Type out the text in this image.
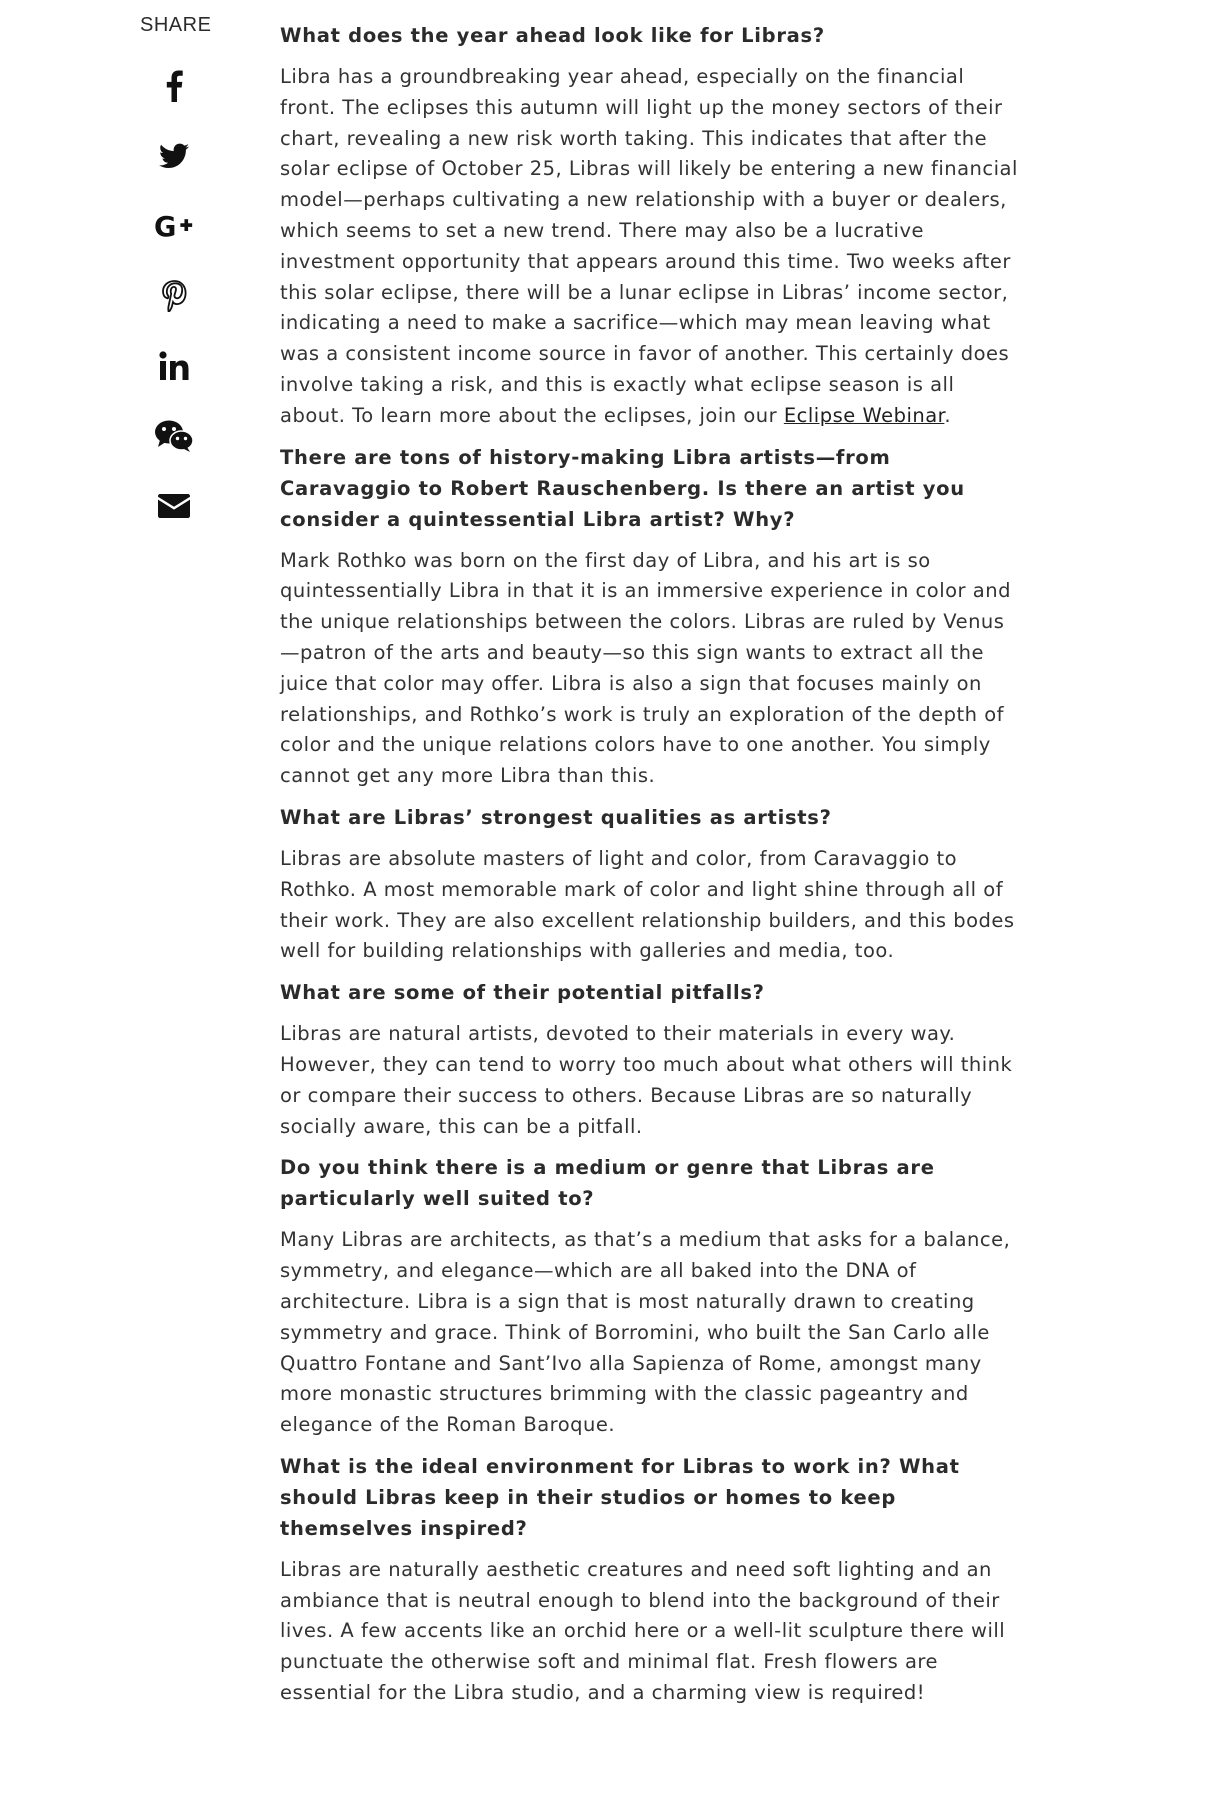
SHARE
G

What does the year ahead look like for Libras?

Libra has a groundbreaking year ahead, especially on the financial front. The eclipses this autumn will light up the money sectors of their chart, revealing a new risk worth taking. This indicates that after the solar eclipse of October 25, Libras will likely be entering a new financial model—perhaps cultivating a new relationship with a buyer or dealers, which seems to set a new trend. There may also be a lucrative investment opportunity that appears around this time. Two weeks after this solar eclipse, there will be a lunar eclipse in Libras’ income sector, indicating a need to make a sacrifice—which may mean leaving what was a consistent income source in favor of another. This certainly does involve taking a risk, and this is exactly what eclipse season is all about. To learn more about the eclipses, join our Eclipse Webinar.

There are tons of history-making Libra artists—from Caravaggio to Robert Rauschenberg. Is there an artist you consider a quintessential Libra artist? Why?

Mark Rothko was born on the first day of Libra, and his art is so quintessentially Libra in that it is an immersive experience in color and the unique relationships between the colors. Libras are ruled by Venus—patron of the arts and beauty—so this sign wants to extract all the juice that color may offer. Libra is also a sign that focuses mainly on relationships, and Rothko’s work is truly an exploration of the depth of color and the unique relations colors have to one another. You simply cannot get any more Libra than this.

What are Libras’ strongest qualities as artists?

Libras are absolute masters of light and color, from Caravaggio to Rothko. A most memorable mark of color and light shine through all of their work. They are also excellent relationship builders, and this bodes well for building relationships with galleries and media, too.

What are some of their potential pitfalls?

Libras are natural artists, devoted to their materials in every way. However, they can tend to worry too much about what others will think or compare their success to others. Because Libras are so naturally socially aware, this can be a pitfall.

Do you think there is a medium or genre that Libras are particularly well suited to?

Many Libras are architects, as that’s a medium that asks for a balance, symmetry, and elegance—which are all baked into the DNA of architecture. Libra is a sign that is most naturally drawn to creating symmetry and grace. Think of Borromini, who built the San Carlo alle Quattro Fontane and Sant’Ivo alla Sapienza of Rome, amongst many more monastic structures brimming with the classic pageantry and elegance of the Roman Baroque.

What is the ideal environment for Libras to work in? What should Libras keep in their studios or homes to keep themselves inspired?

Libras are naturally aesthetic creatures and need soft lighting and an ambiance that is neutral enough to blend into the background of their lives. A few accents like an orchid here or a well-lit sculpture there will punctuate the otherwise soft and minimal flat. Fresh flowers are essential for the Libra studio, and a charming view is required!
